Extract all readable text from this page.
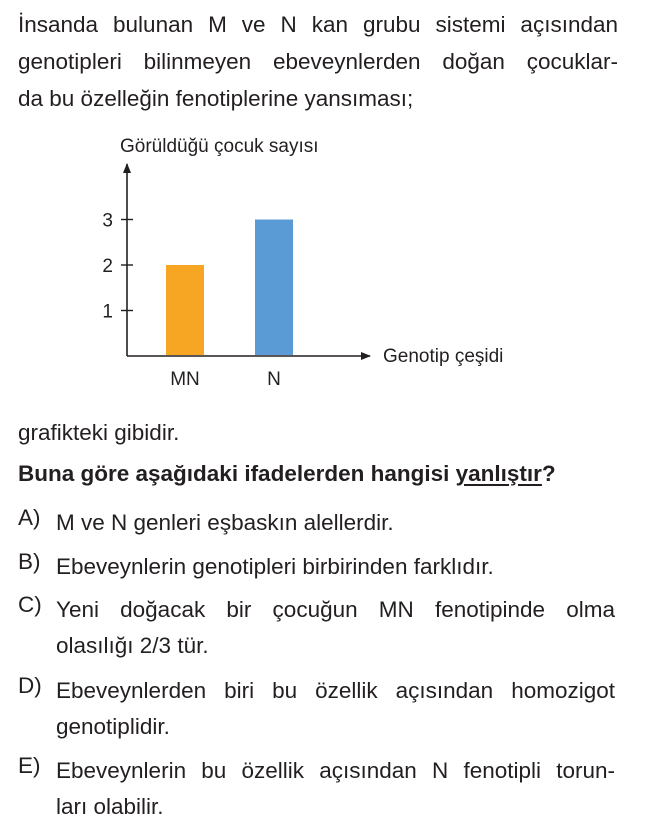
İnsanda bulunan M ve N kan grubu sistemi açısından
genotipleri bilinmeyen ebeveynlerden doğan çocuklar-
da bu özelleğin fenotiplerine yansıması;
Görüldüğü çocuk sayısı
Genotip çeşidi
1
2
3
MN	N
grafikteki gibidir.
Buna göre aşağıdaki ifadelerden hangisi yanlıştır?
A) M ve N genleri eşbaskın alellerdir.
B) Ebeveynlerin genotipleri birbirinden farklıdır.
C) Yeni doğacak bir çocuğun MN fenotipinde olma
olasılığı 2/3 tür.
D) Ebeveynlerden biri bu özellik açısından homozigot
genotiplidir.
E) Ebeveynlerin bu özellik açısından N fenotipli torun-
ları olabilir.
